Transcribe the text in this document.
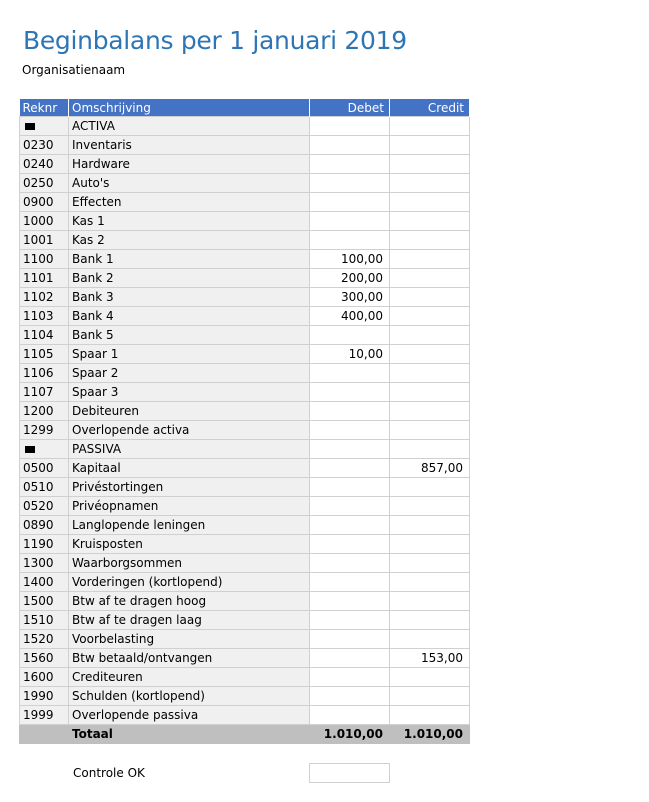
Beginbalans per 1 januari 2019
Organisatienaam
Reknr	Omschrijving	Debet	Credit
	ACTIVA		
0230	Inventaris		
0240	Hardware		
0250	Auto's		
0900	Effecten		
1000	Kas 1		
1001	Kas 2		
1100	Bank 1	100,00	
1101	Bank 2	200,00	
1102	Bank 3	300,00	
1103	Bank 4	400,00	
1104	Bank 5		
1105	Spaar 1	10,00	
1106	Spaar 2		
1107	Spaar 3		
1200	Debiteuren		
1299	Overlopende activa		
	PASSIVA		
0500	Kapitaal		857,00
0510	Privéstortingen		
0520	Privéopnamen		
0890	Langlopende leningen		
1190	Kruisposten		
1300	Waarborgsommen		
1400	Vorderingen (kortlopend)		
1500	Btw af te dragen hoog		
1510	Btw af te dragen laag		
1520	Voorbelasting		
1560	Btw betaald/ontvangen		153,00
1600	Crediteuren		
1990	Schulden (kortlopend)		
1999	Overlopende passiva		
	Totaal	1.010,00	1.010,00
Controle OK
